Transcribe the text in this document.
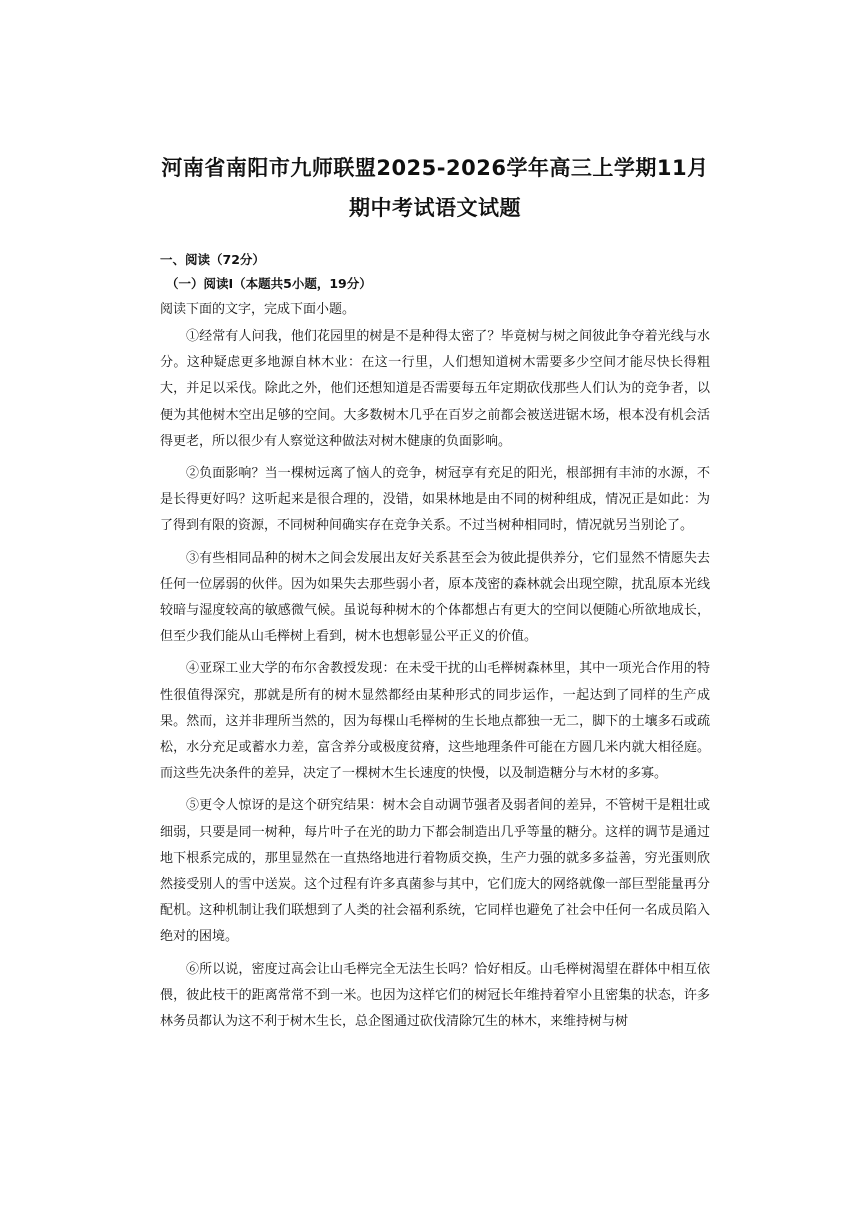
河南省南阳市九师联盟2025-2026学年高三上学期11月
期中考试语文试题
一、阅读（72分）
（一）阅读I（本题共5小题，19分）
阅读下面的文字，完成下面小题。

①经常有人问我，他们花园里的树是不是种得太密了？毕竟树与树之间彼此争夺着光线与水分。这种疑虑更多地源自林木业：在这一行里，人们想知道树木需要多少空间才能尽快长得粗大，并足以采伐。除此之外，他们还想知道是否需要每五年定期砍伐那些人们认为的竞争者，以便为其他树木空出足够的空间。大多数树木几乎在百岁之前都会被送进锯木场，根本没有机会活得更老，所以很少有人察觉这种做法对树木健康的负面影响。

②负面影响？当一棵树远离了恼人的竞争，树冠享有充足的阳光，根部拥有丰沛的水源，不是长得更好吗？这听起来是很合理的，没错，如果林地是由不同的树种组成，情况正是如此：为了得到有限的资源，不同树种间确实存在竞争关系。不过当树种相同时，情况就另当别论了。

③有些相同品种的树木之间会发展出友好关系甚至会为彼此提供养分，它们显然不情愿失去任何一位孱弱的伙伴。因为如果失去那些弱小者，原本茂密的森林就会出现空隙，扰乱原本光线较暗与湿度较高的敏感微气候。虽说每种树木的个体都想占有更大的空间以便随心所欲地成长，但至少我们能从山毛榉树上看到，树木也想彰显公平正义的价值。

④亚琛工业大学的布尔舍教授发现：在未受干扰的山毛榉树森林里，其中一项光合作用的特性很值得深究，那就是所有的树木显然都经由某种形式的同步运作，一起达到了同样的生产成果。然而，这并非理所当然的，因为每棵山毛榉树的生长地点都独一无二，脚下的土壤多石或疏松，水分充足或蓄水力差，富含养分或极度贫瘠，这些地理条件可能在方圆几米内就大相径庭。而这些先决条件的差异，决定了一棵树木生长速度的快慢，以及制造糖分与木材的多寡。

⑤更令人惊讶的是这个研究结果：树木会自动调节强者及弱者间的差异，不管树干是粗壮或细弱，只要是同一树种，每片叶子在光的助力下都会制造出几乎等量的糖分。这样的调节是通过地下根系完成的，那里显然在一直热络地进行着物质交换，生产力强的就多多益善，穷光蛋则欣然接受别人的雪中送炭。这个过程有许多真菌参与其中，它们庞大的网络就像一部巨型能量再分配机。这种机制让我们联想到了人类的社会福利系统，它同样也避免了社会中任何一名成员陷入绝对的困境。

⑥所以说，密度过高会让山毛榉完全无法生长吗？恰好相反。山毛榉树渴望在群体中相互依偎，彼此枝干的距离常常不到一米。也因为这样它们的树冠长年维持着窄小且密集的状态，许多林务员都认为这不利于树木生长，总企图通过砍伐清除冗生的林木，来维持树与树
